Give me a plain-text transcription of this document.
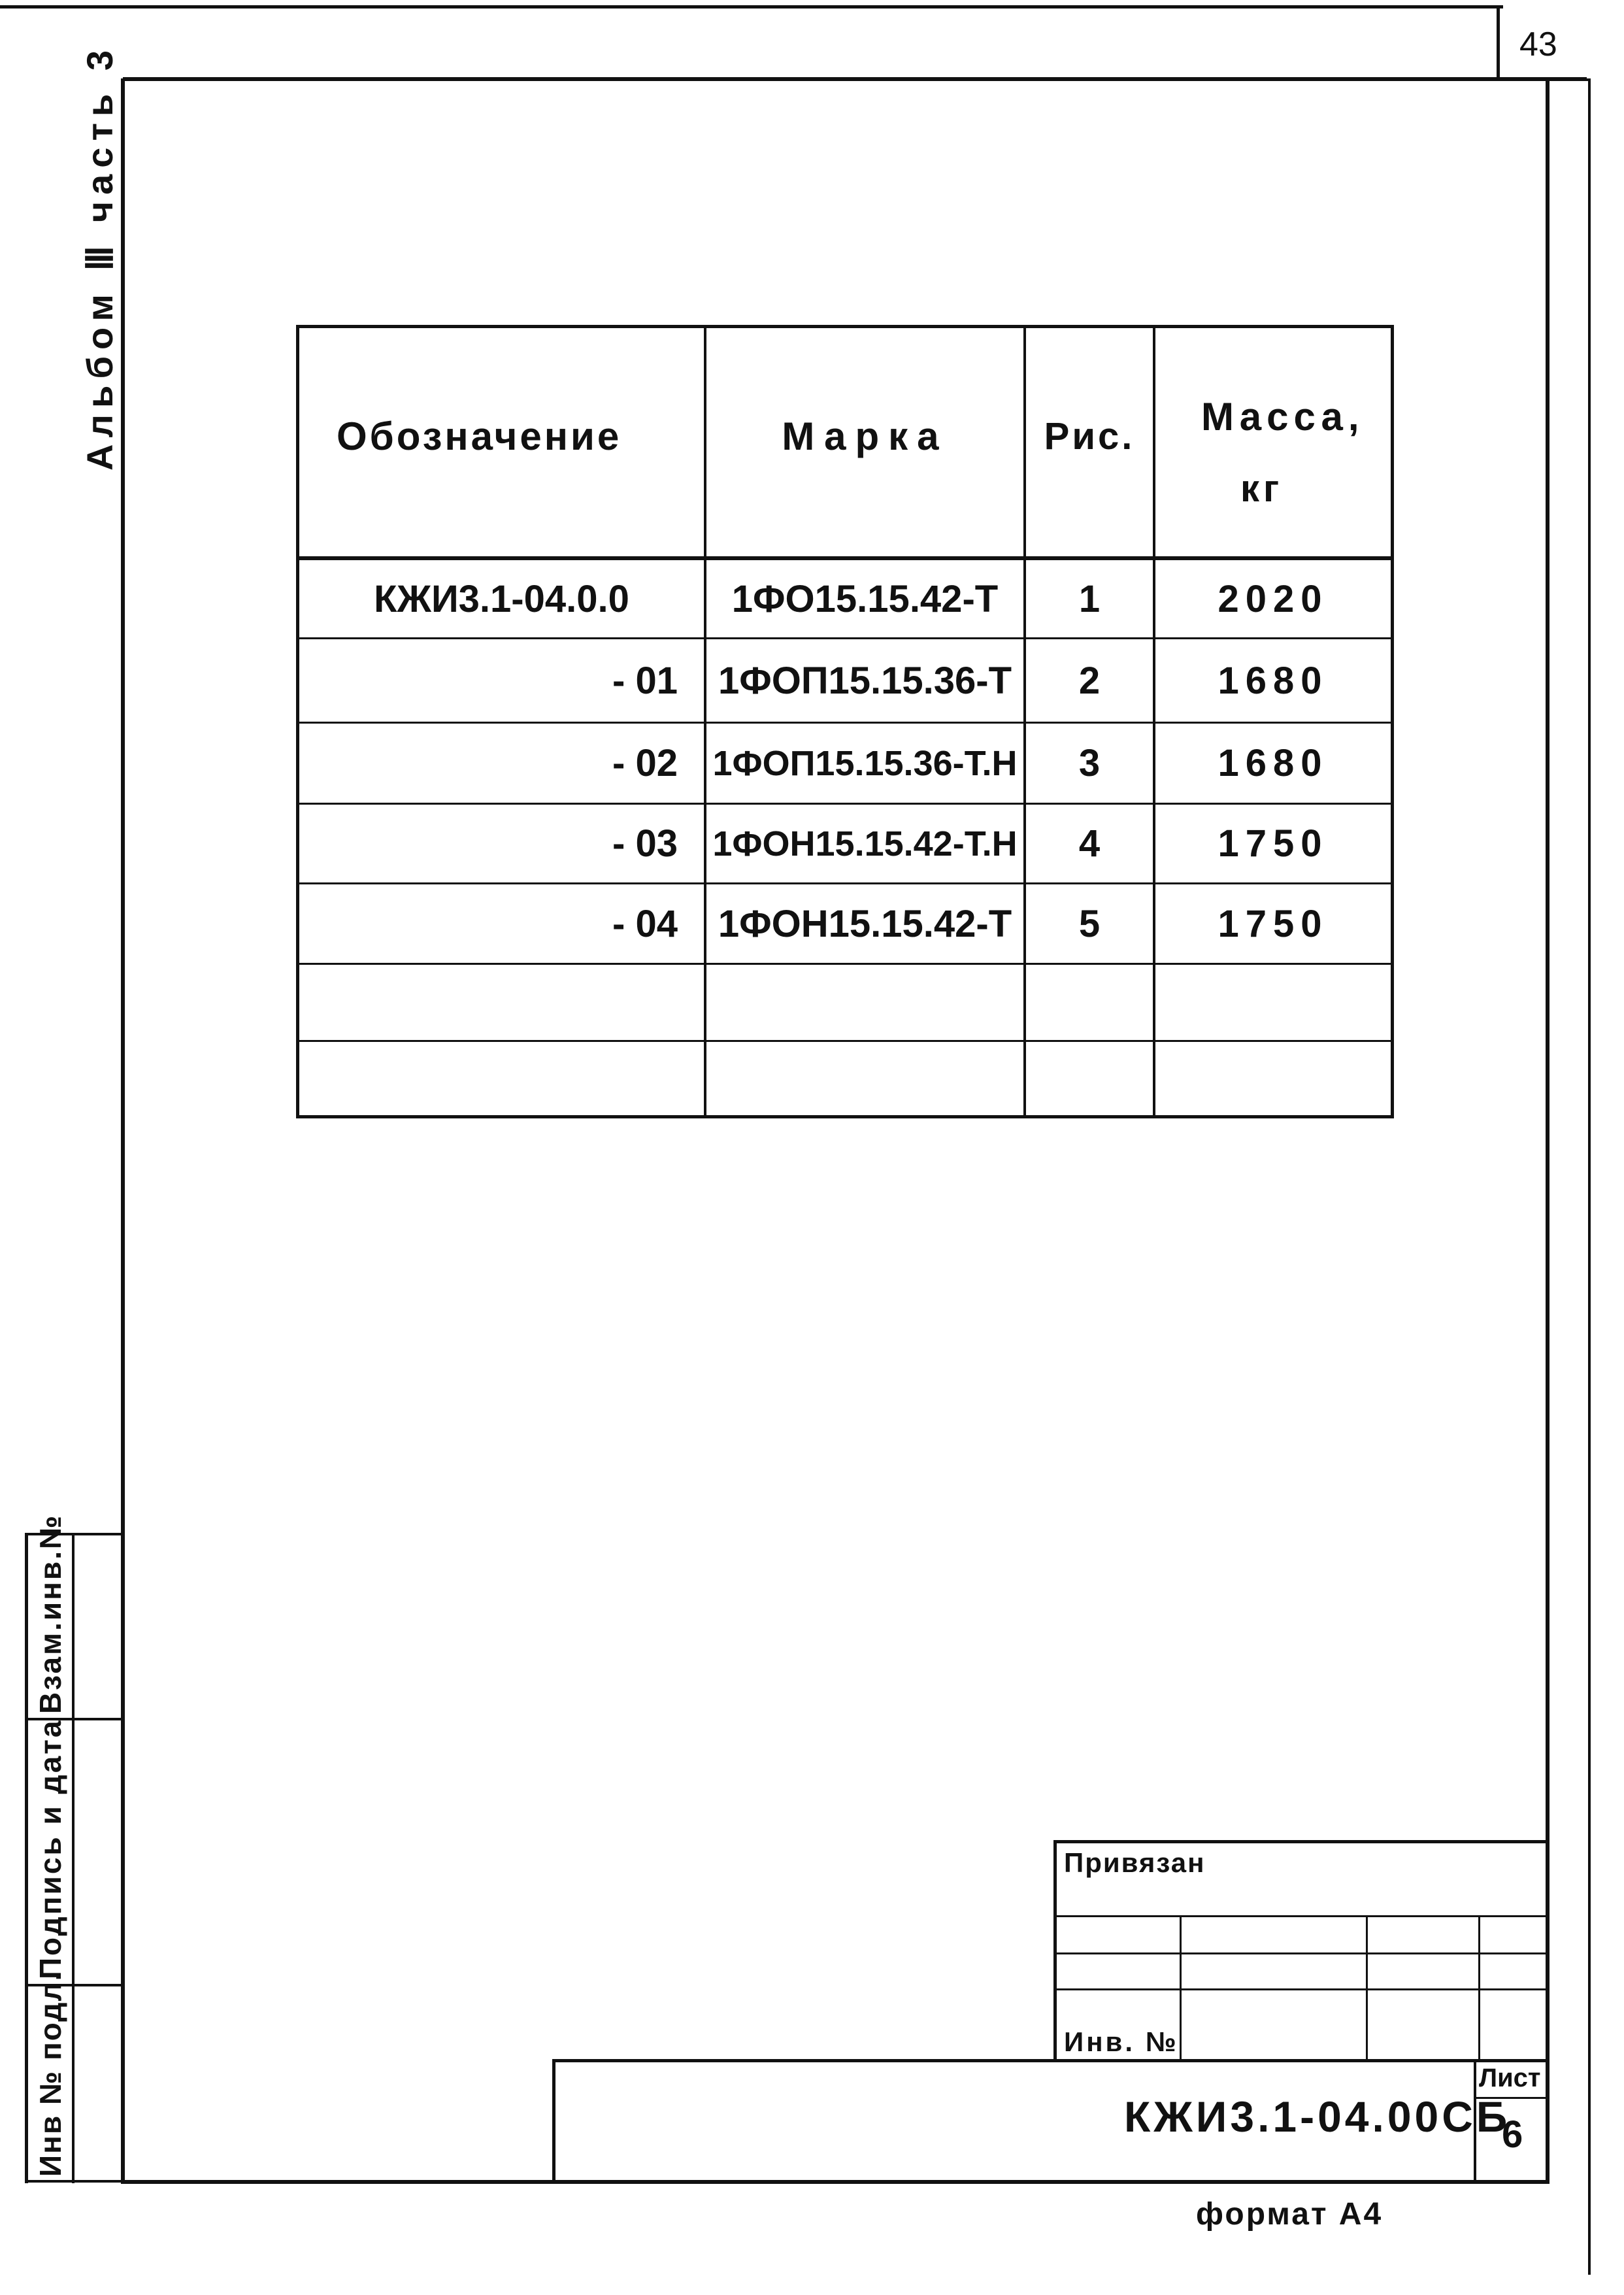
43
Альбом Ⅲ часть 3	Обозначение	Марка	Рис.	Масса,
кг
КЖИ3.1-04.0.0	1ФО15.15.42-Т	1	2020
- 01	1ФОП15.15.36-Т	2	1680
- 02 1ФОП15.15.36-Т.Н	3	1680
- 03 1ФОН15.15.42-Т.Н	4	1750
- 04	1ФОН15.15.42-Т	5	1750
Взам.инв.№
Подпись и дата
Инв № подл.
Привязан
Инв. №
КЖИ3.1-04.00СБ
Лист
6
формат А4
